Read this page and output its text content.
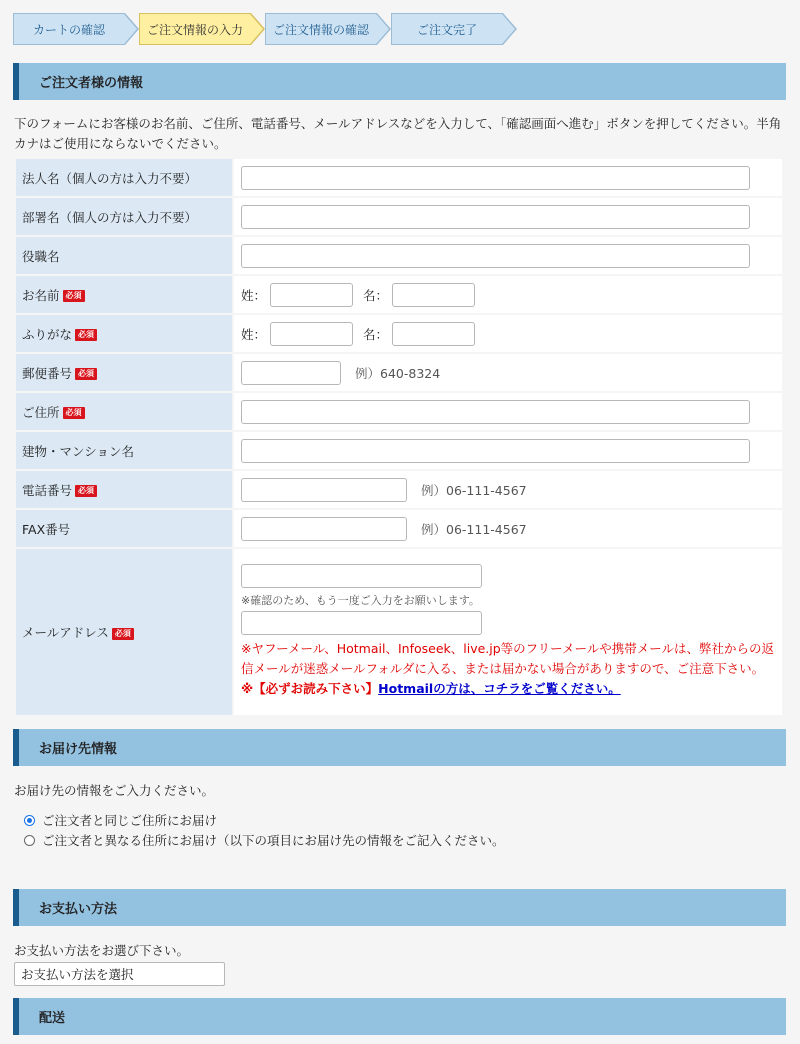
カートの確認	ご注文情報の入力	ご注文情報の確認	ご注文完了
ご注文者様の情報
下のフォームにお客様のお名前、ご住所、電話番号、メールアドレスなどを入力して、「確認画面へ進む」ボタンを押してください。半角カナはご使用にならないでください。
法人名（個人の方は入力不要）	
部署名（個人の方は入力不要）	
役職名	
お名前 必須	姓： 名：
ふりがな 必須	姓： 名：
郵便番号 必須	例）640-8324
ご住所 必須	
建物・マンション名	
電話番号 必須	例）06-111-4567
FAX番号	例）06-111-4567
メールアドレス 必須	※確認のため、もう一度ご入力をお願いします。
※ヤフーメール、Hotmail、Infoseek、live.jp等のフリーメールや携帯メールは、弊社からの返信メールが迷惑メールフォルダに入る、または届かない場合がありますので、ご注意下さい。
※【必ずお読み下さい】Hotmailの方は、コチラをご覧ください。
お届け先情報
お届け先の情報をご入力ください。
ご注文者と同じご住所にお届け
ご注文者と異なる住所にお届け（以下の項目にお届け先の情報をご記入ください。
お支払い方法
お支払い方法をお選び下さい。
お支払い方法を選択
配送
